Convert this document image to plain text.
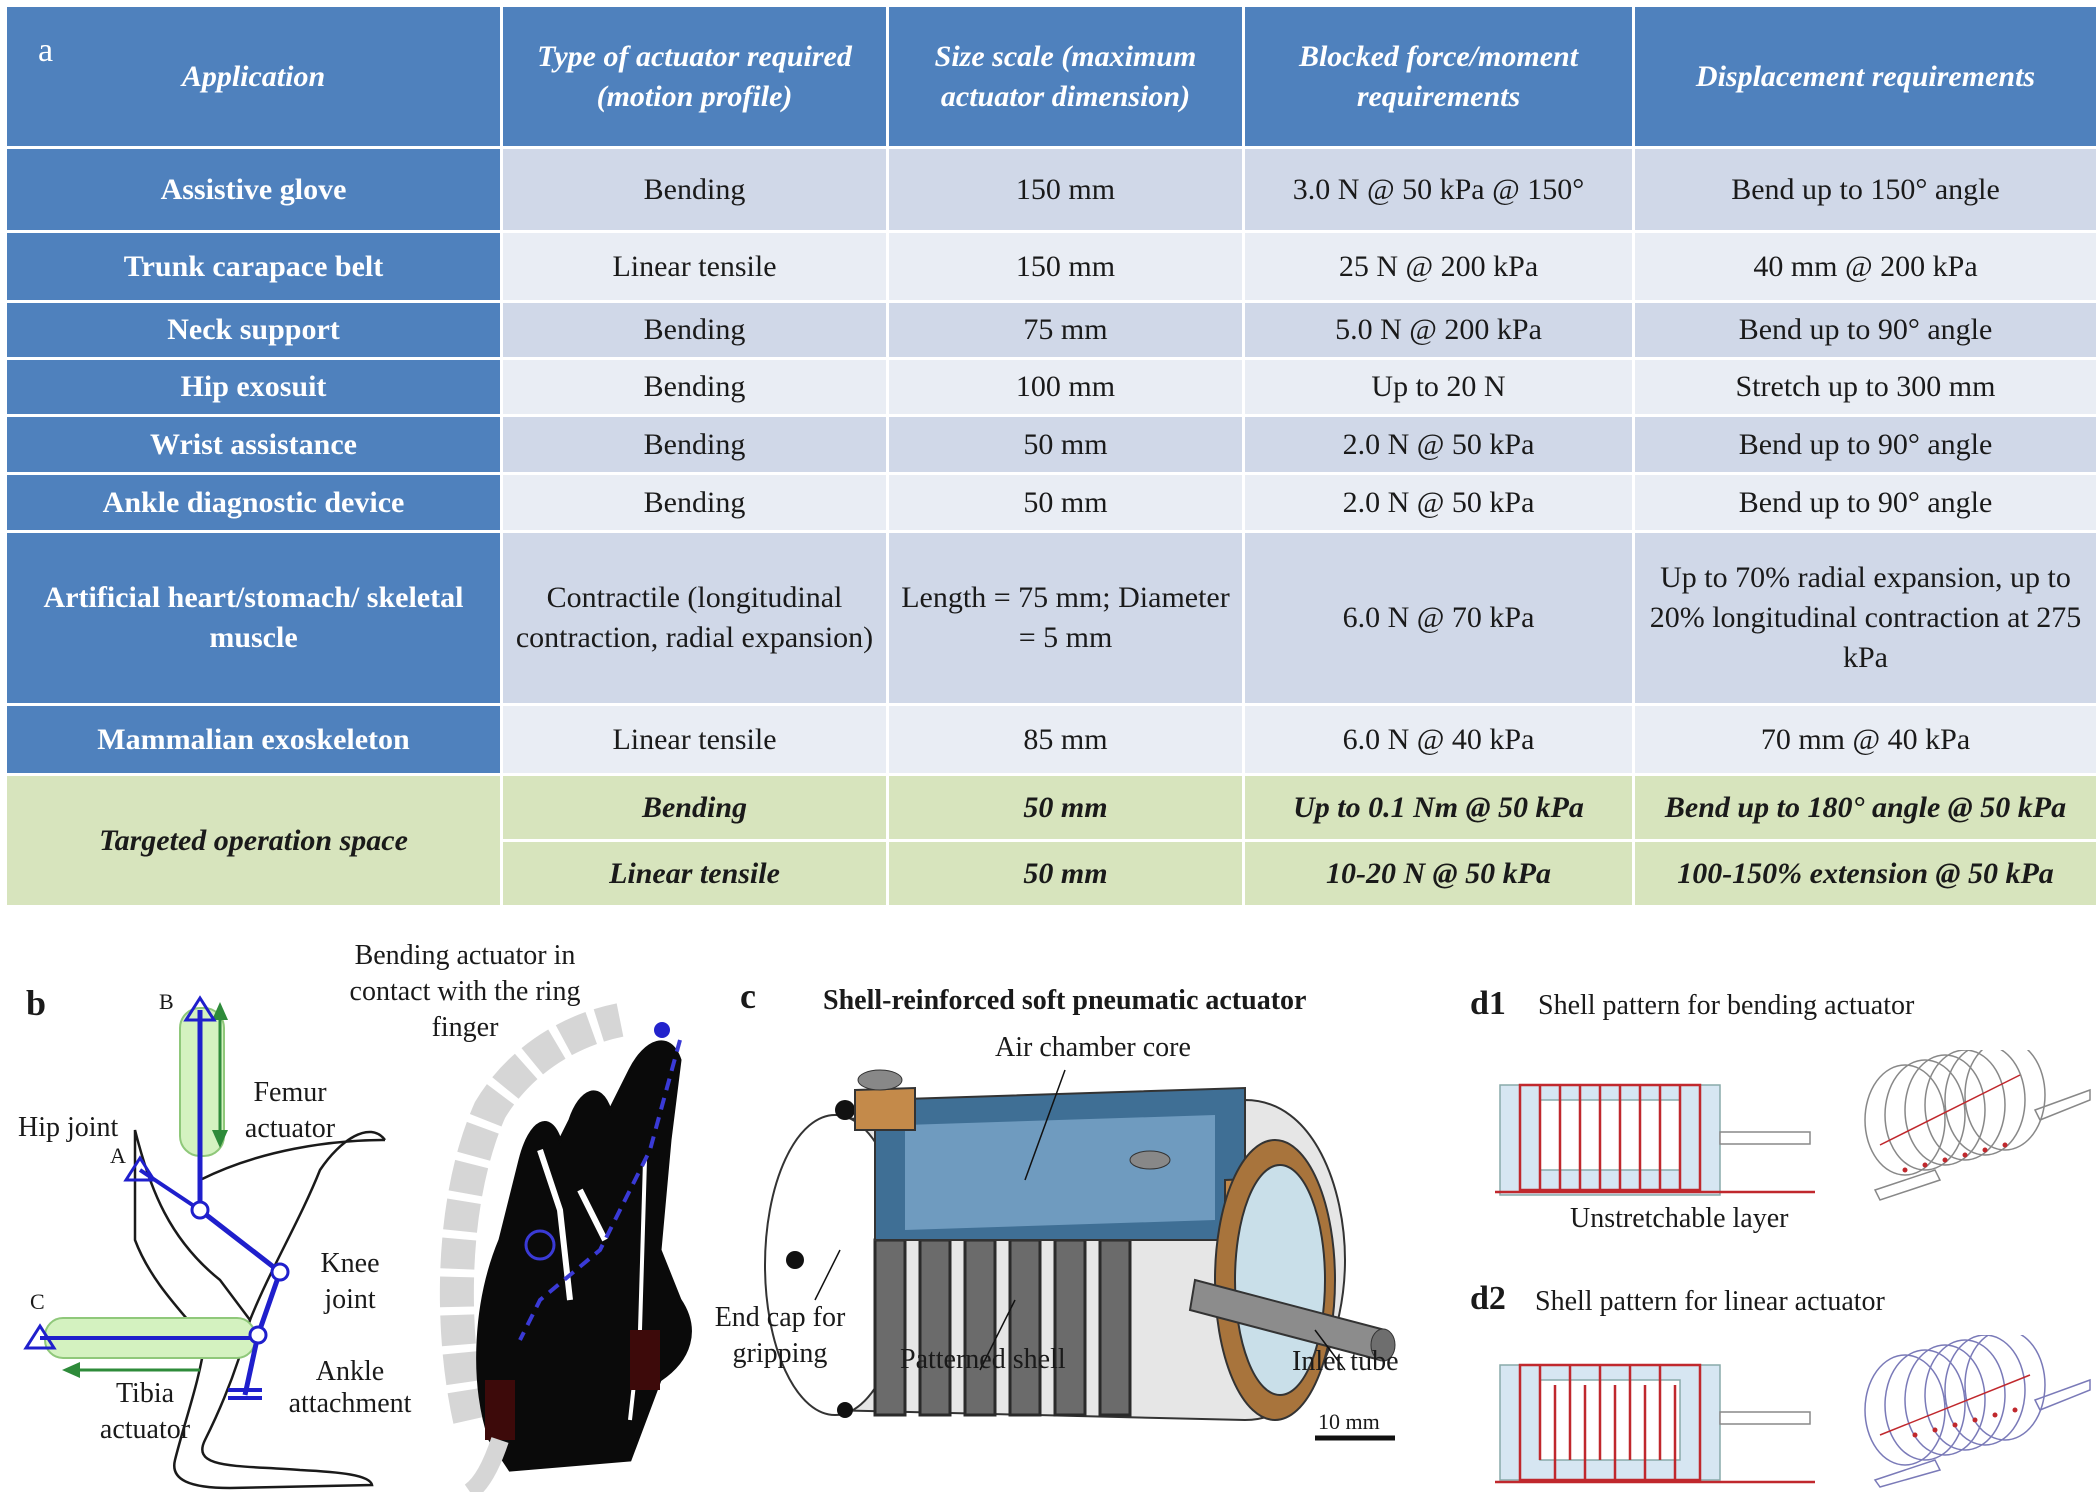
Application	Type of actuator required (motion profile)	Size scale (maximum actuator dimension)	Blocked force/moment requirements	Displacement requirements
Assistive glove	Bending	150 mm	3.0 N @ 50 kPa @ 150°	Bend up to 150° angle
Trunk carapace belt	Linear tensile	150 mm	25 N @ 200 kPa	40 mm @ 200 kPa
Neck support	Bending	75 mm	5.0 N @ 200 kPa	Bend up to 90° angle
Hip exosuit	Bending	100 mm	Up to 20 N	Stretch up to 300 mm
Wrist assistance	Bending	50 mm	2.0 N @ 50 kPa	Bend up to 90° angle
Ankle diagnostic device	Bending	50 mm	2.0 N @ 50 kPa	Bend up to 90° angle
Artificial heart/stomach/ skeletal muscle	Contractile (longitudinal contraction, radial expansion)	Length = 75 mm; Diameter = 5 mm	6.0 N @ 70 kPa	Up to 70% radial expansion, up to 20% longitudinal contraction at 275 kPa
Mammalian exoskeleton	Linear tensile	85 mm	6.0 N @ 40 kPa	70 mm @ 40 kPa
Targeted operation space	Bending	50 mm	Up to 0.1 Nm @ 50 kPa	Bend up to 180° angle @ 50 kPa
	Linear tensile	50 mm	10-20 N @ 50 kPa	100-150% extension @ 50 kPa
a
b	B
A
C
Hip joint
Femur actuator
Knee joint
Ankle attachment
Tibia actuator
Bending actuator in contact with the ring finger
c Shell-reinforced soft pneumatic actuator
Air chamber core
End cap for gripping	Patterned shell	Inlet tube
10 mm
d1 Shell pattern for bending actuator
Unstretchable layer
d2 Shell pattern for linear actuator
